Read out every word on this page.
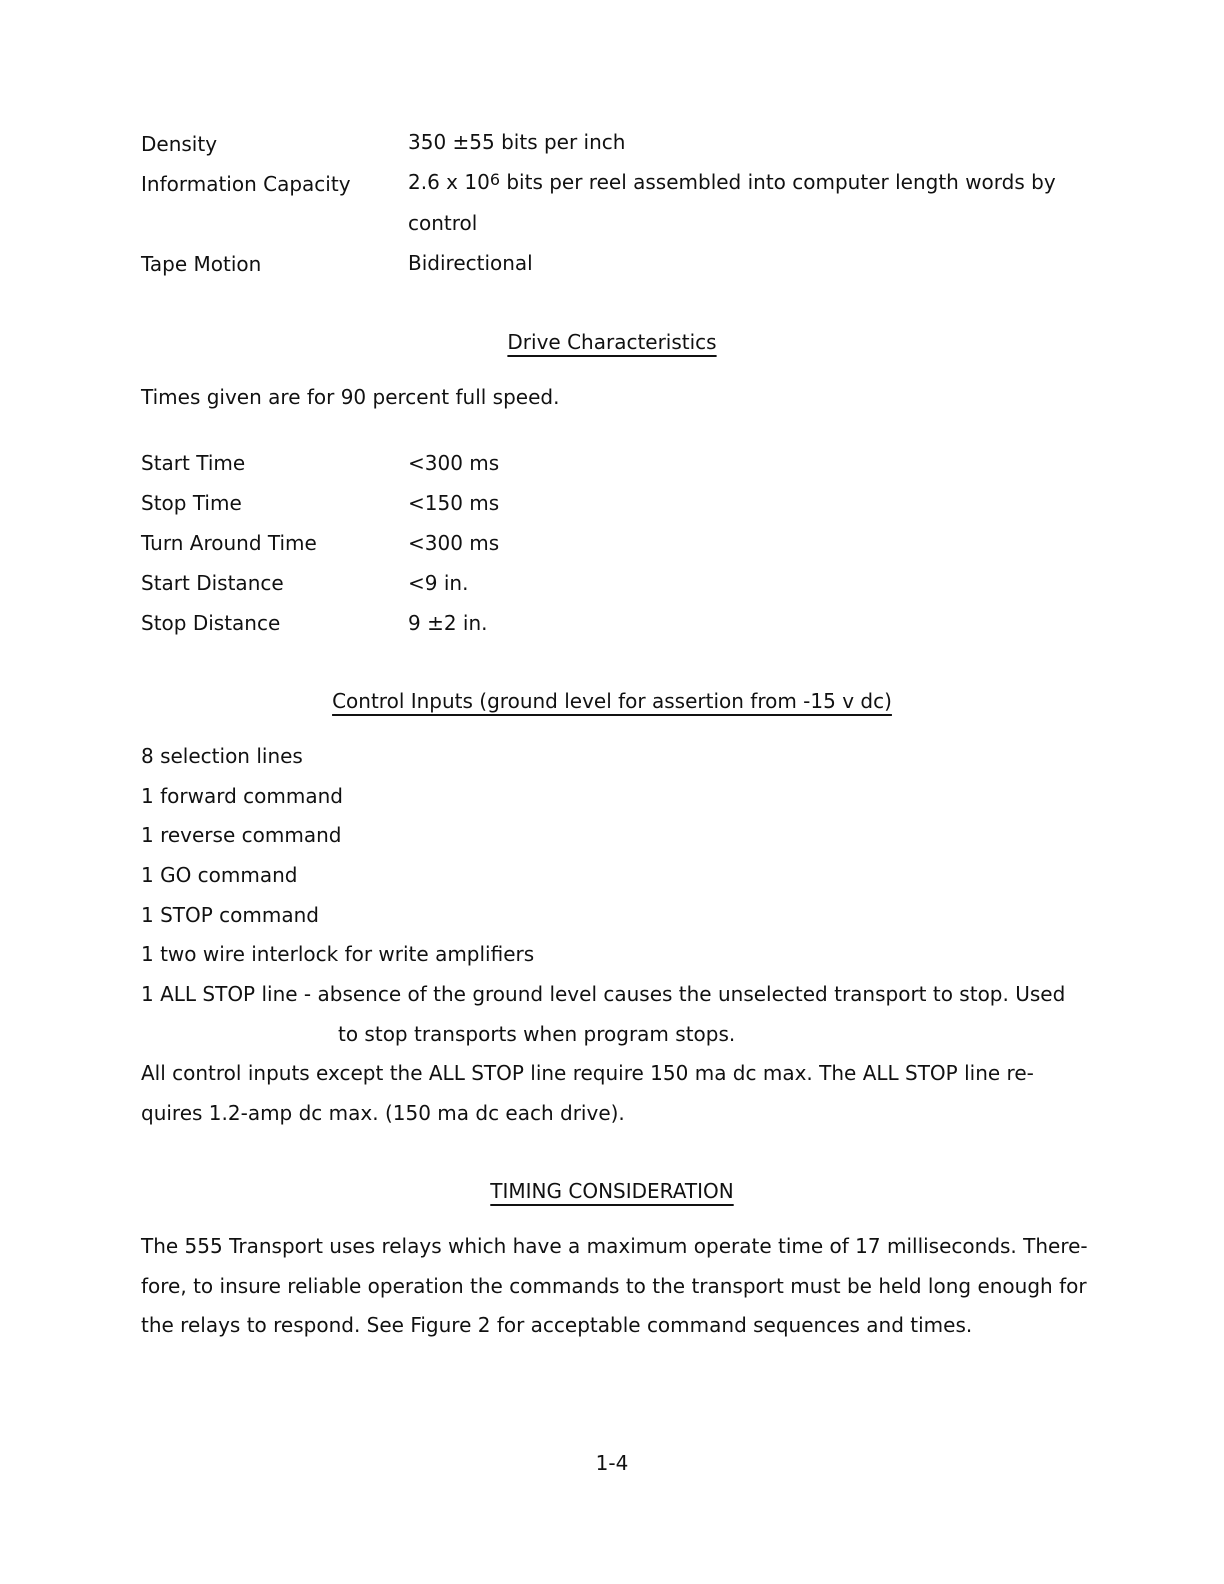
Density	350 ±55 bits per inch
Information Capacity	2.6 x $10^6$ bits per reel assembled into computer length words by
control
Tape Motion	Bidirectional
Drive Characteristics
Times given are for 90 percent full speed.
Start Time	<300 ms
Stop Time	<150 ms
Turn Around Time	<300 ms
Start Distance	<9 in.
Stop Distance	9 ±2 in.
Control Inputs (ground level for assertion from -15 v dc)
8 selection lines
1 forward command
1 reverse command
1 GO command
1 STOP command
1 two wire interlock for write amplifiers
1 ALL STOP line - absence of the ground level causes the unselected transport to stop. Used
to stop transports when program stops.
All control inputs except the ALL STOP line require 150 ma dc max. The ALL STOP line re-
quires 1.2-amp dc max. (150 ma dc each drive).
TIMING CONSIDERATION
The 555 Transport uses relays which have a maximum operate time of 17 milliseconds. There-
fore, to insure reliable operation the commands to the transport must be held long enough for
the relays to respond. See Figure 2 for acceptable command sequences and times.
1-4
